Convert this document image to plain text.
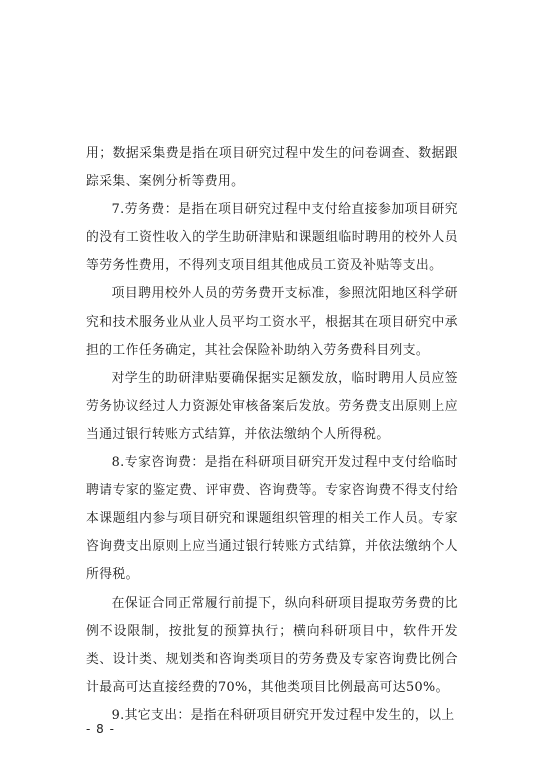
用；数据采集费是指在项目研究过程中发生的问卷调查、数据跟踪采集、案例分析等费用。

7.劳务费：是指在项目研究过程中支付给直接参加项目研究的没有工资性收入的学生助研津贴和课题组临时聘用的校外人员等劳务性费用，不得列支项目组其他成员工资及补贴等支出。

项目聘用校外人员的劳务费开支标准，参照沈阳地区科学研究和技术服务业从业人员平均工资水平，根据其在项目研究中承担的工作任务确定，其社会保险补助纳入劳务费科目列支。

对学生的助研津贴要确保据实足额发放，临时聘用人员应签劳务协议经过人力资源处审核备案后发放。劳务费支出原则上应当通过银行转账方式结算，并依法缴纳个人所得税。

8.专家咨询费：是指在科研项目研究开发过程中支付给临时聘请专家的鉴定费、评审费、咨询费等。专家咨询费不得支付给本课题组内参与项目研究和课题组织管理的相关工作人员。专家咨询费支出原则上应当通过银行转账方式结算，并依法缴纳个人所得税。

在保证合同正常履行前提下，纵向科研项目提取劳务费的比例不设限制，按批复的预算执行；横向科研项目中，软件开发类、设计类、规划类和咨询类项目的劳务费及专家咨询费比例合计最高可达直接经费的70%，其他类项目比例最高可达50%。

9.其它支出：是指在科研项目研究开发过程中发生的，以上

- 8 -
